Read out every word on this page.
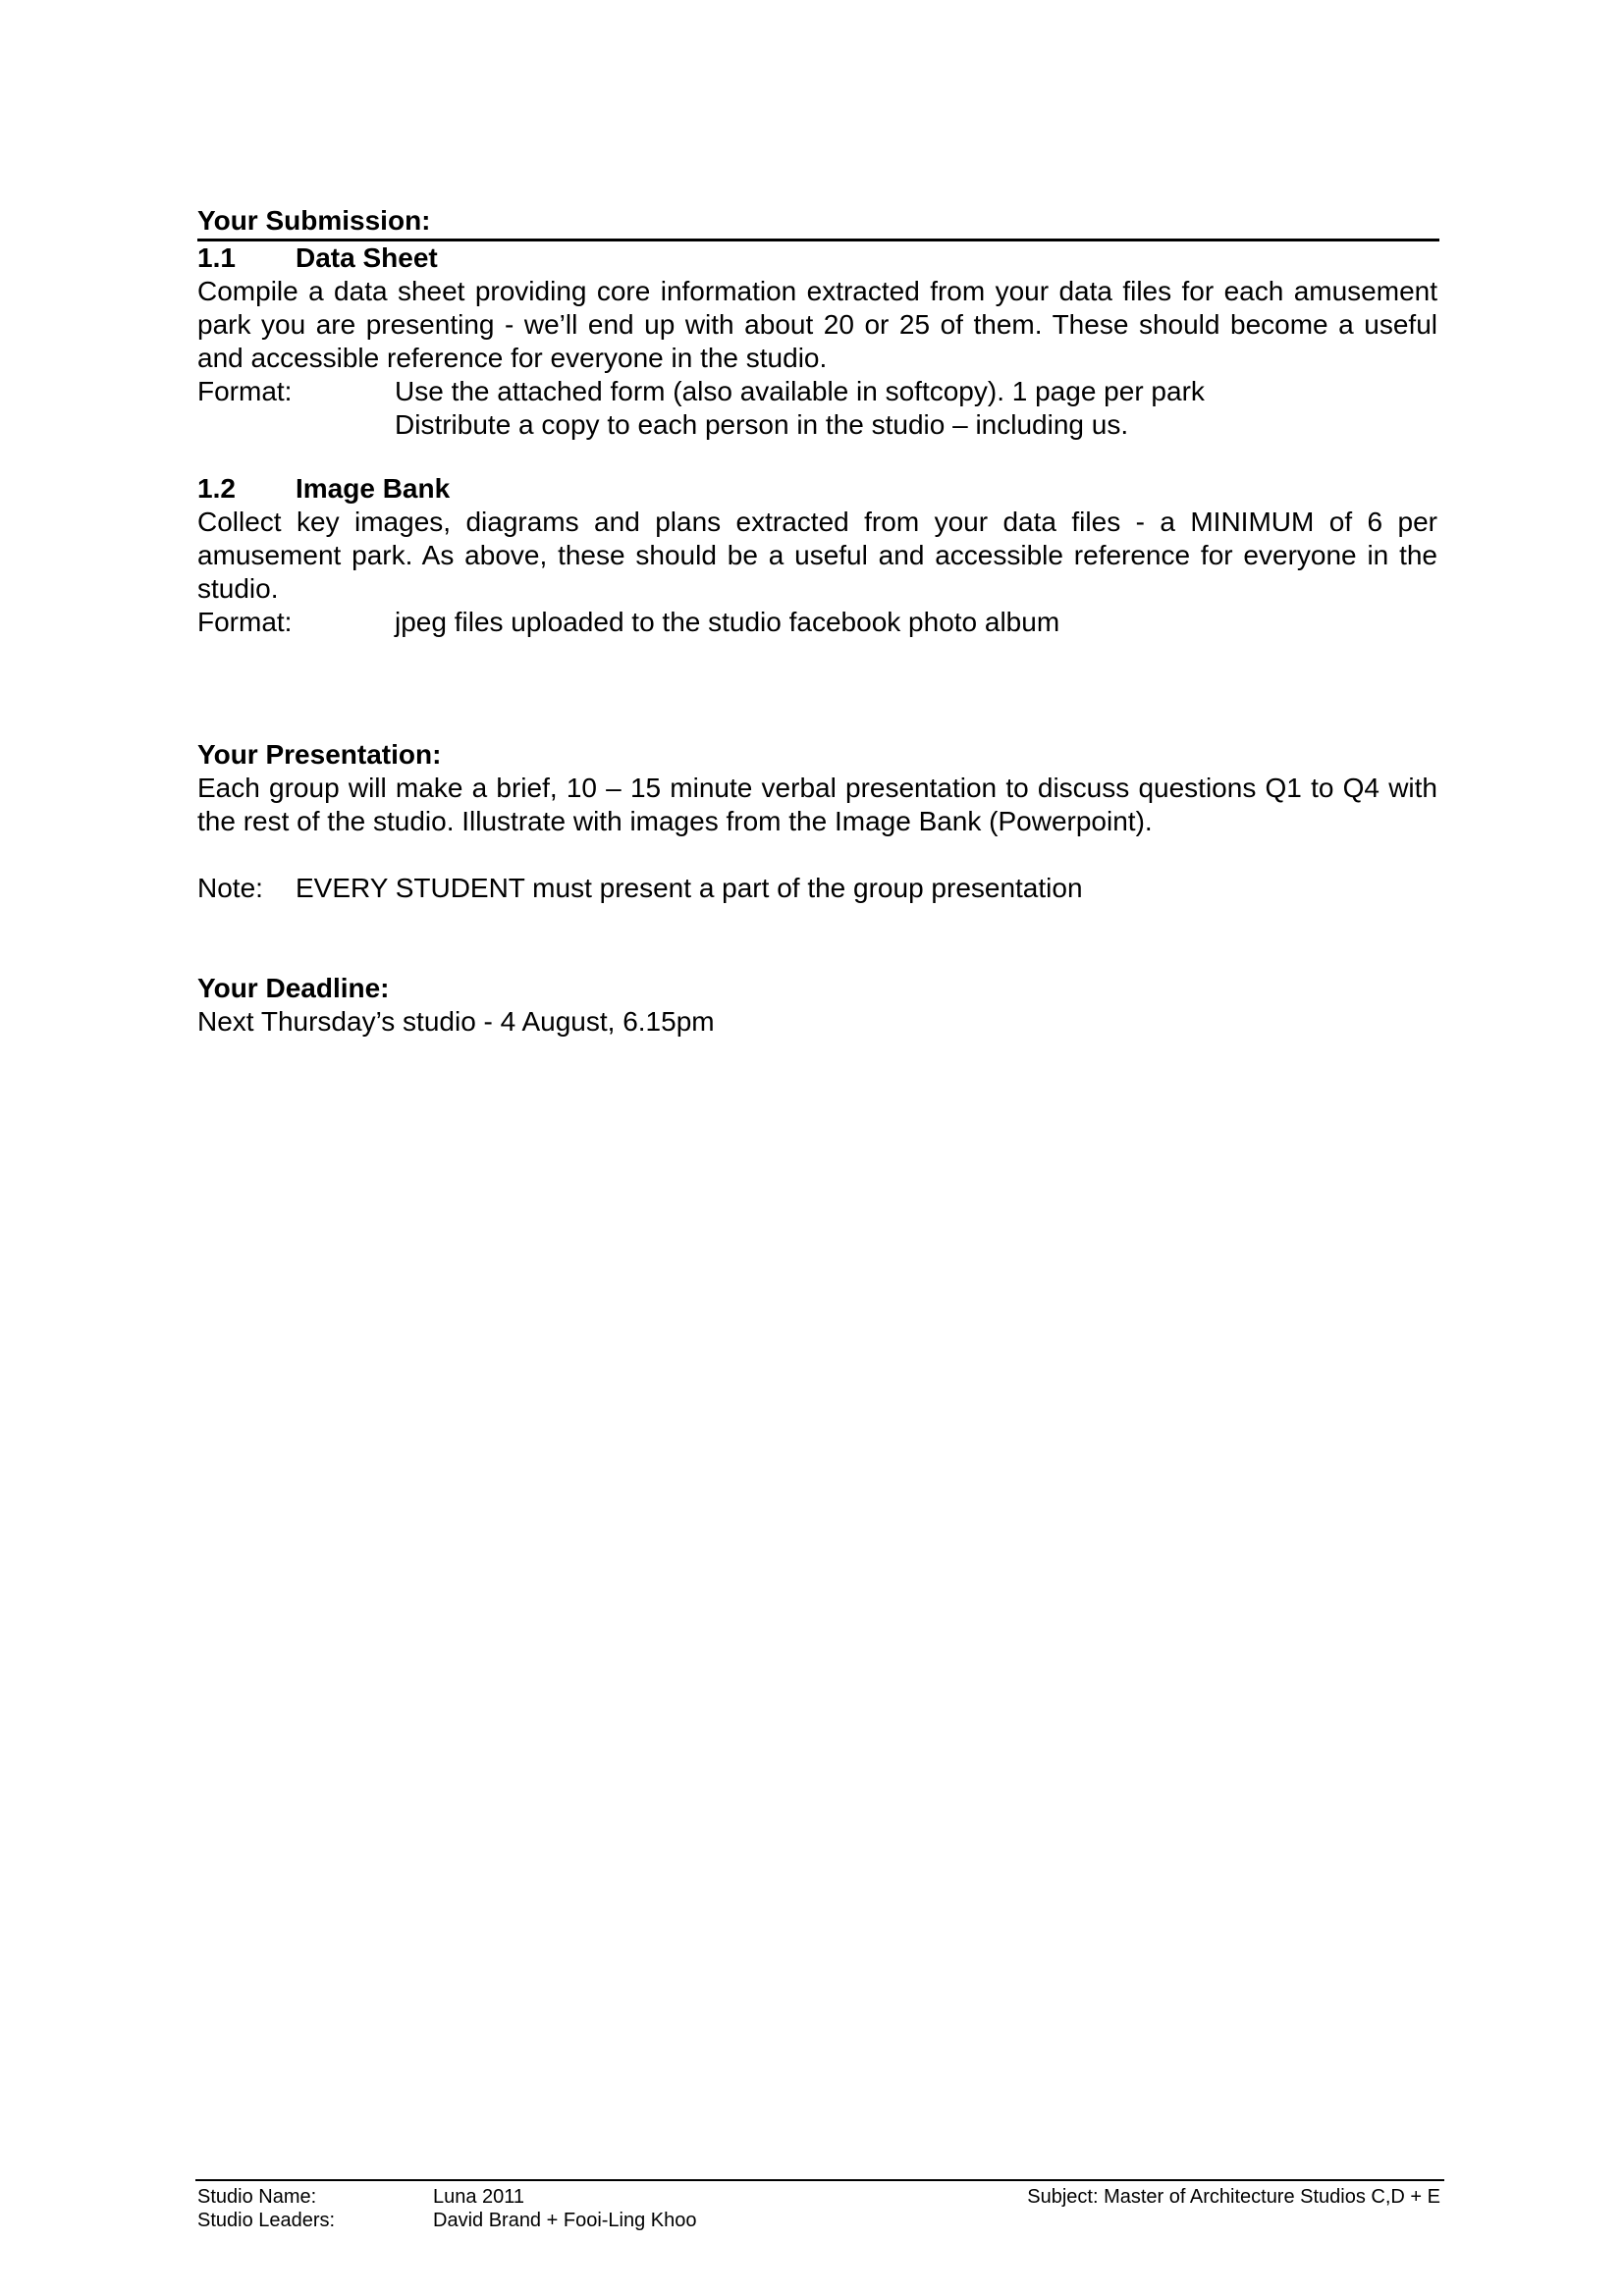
Your Submission:

1.1	Data Sheet

Compile a data sheet providing core information extracted from your data files for each amusement park you are presenting - we’ll end up with about 20 or 25 of them. These should become a useful and accessible reference for everyone in the studio.

Format:	Use the attached form (also available in softcopy). 1 page per park
Distribute a copy to each person in the studio – including us.

1.2	Image Bank

Collect key images, diagrams and plans extracted from your data files - a MINIMUM of 6 per amusement park. As above, these should be a useful and accessible reference for everyone in the studio.

Format:	jpeg files uploaded to the studio facebook photo album

Your Presentation:

Each group will make a brief, 10 – 15 minute verbal presentation to discuss questions Q1 to Q4 with the rest of the studio. Illustrate with images from the Image Bank (Powerpoint).

Note:	EVERY STUDENT must present a part of the group presentation

Your Deadline:

Next Thursday’s studio - 4 August, 6.15pm

Studio Name:	Luna 2011	Subject: Master of Architecture Studios C,D + E
Studio Leaders:	David Brand + Fooi-Ling Khoo
